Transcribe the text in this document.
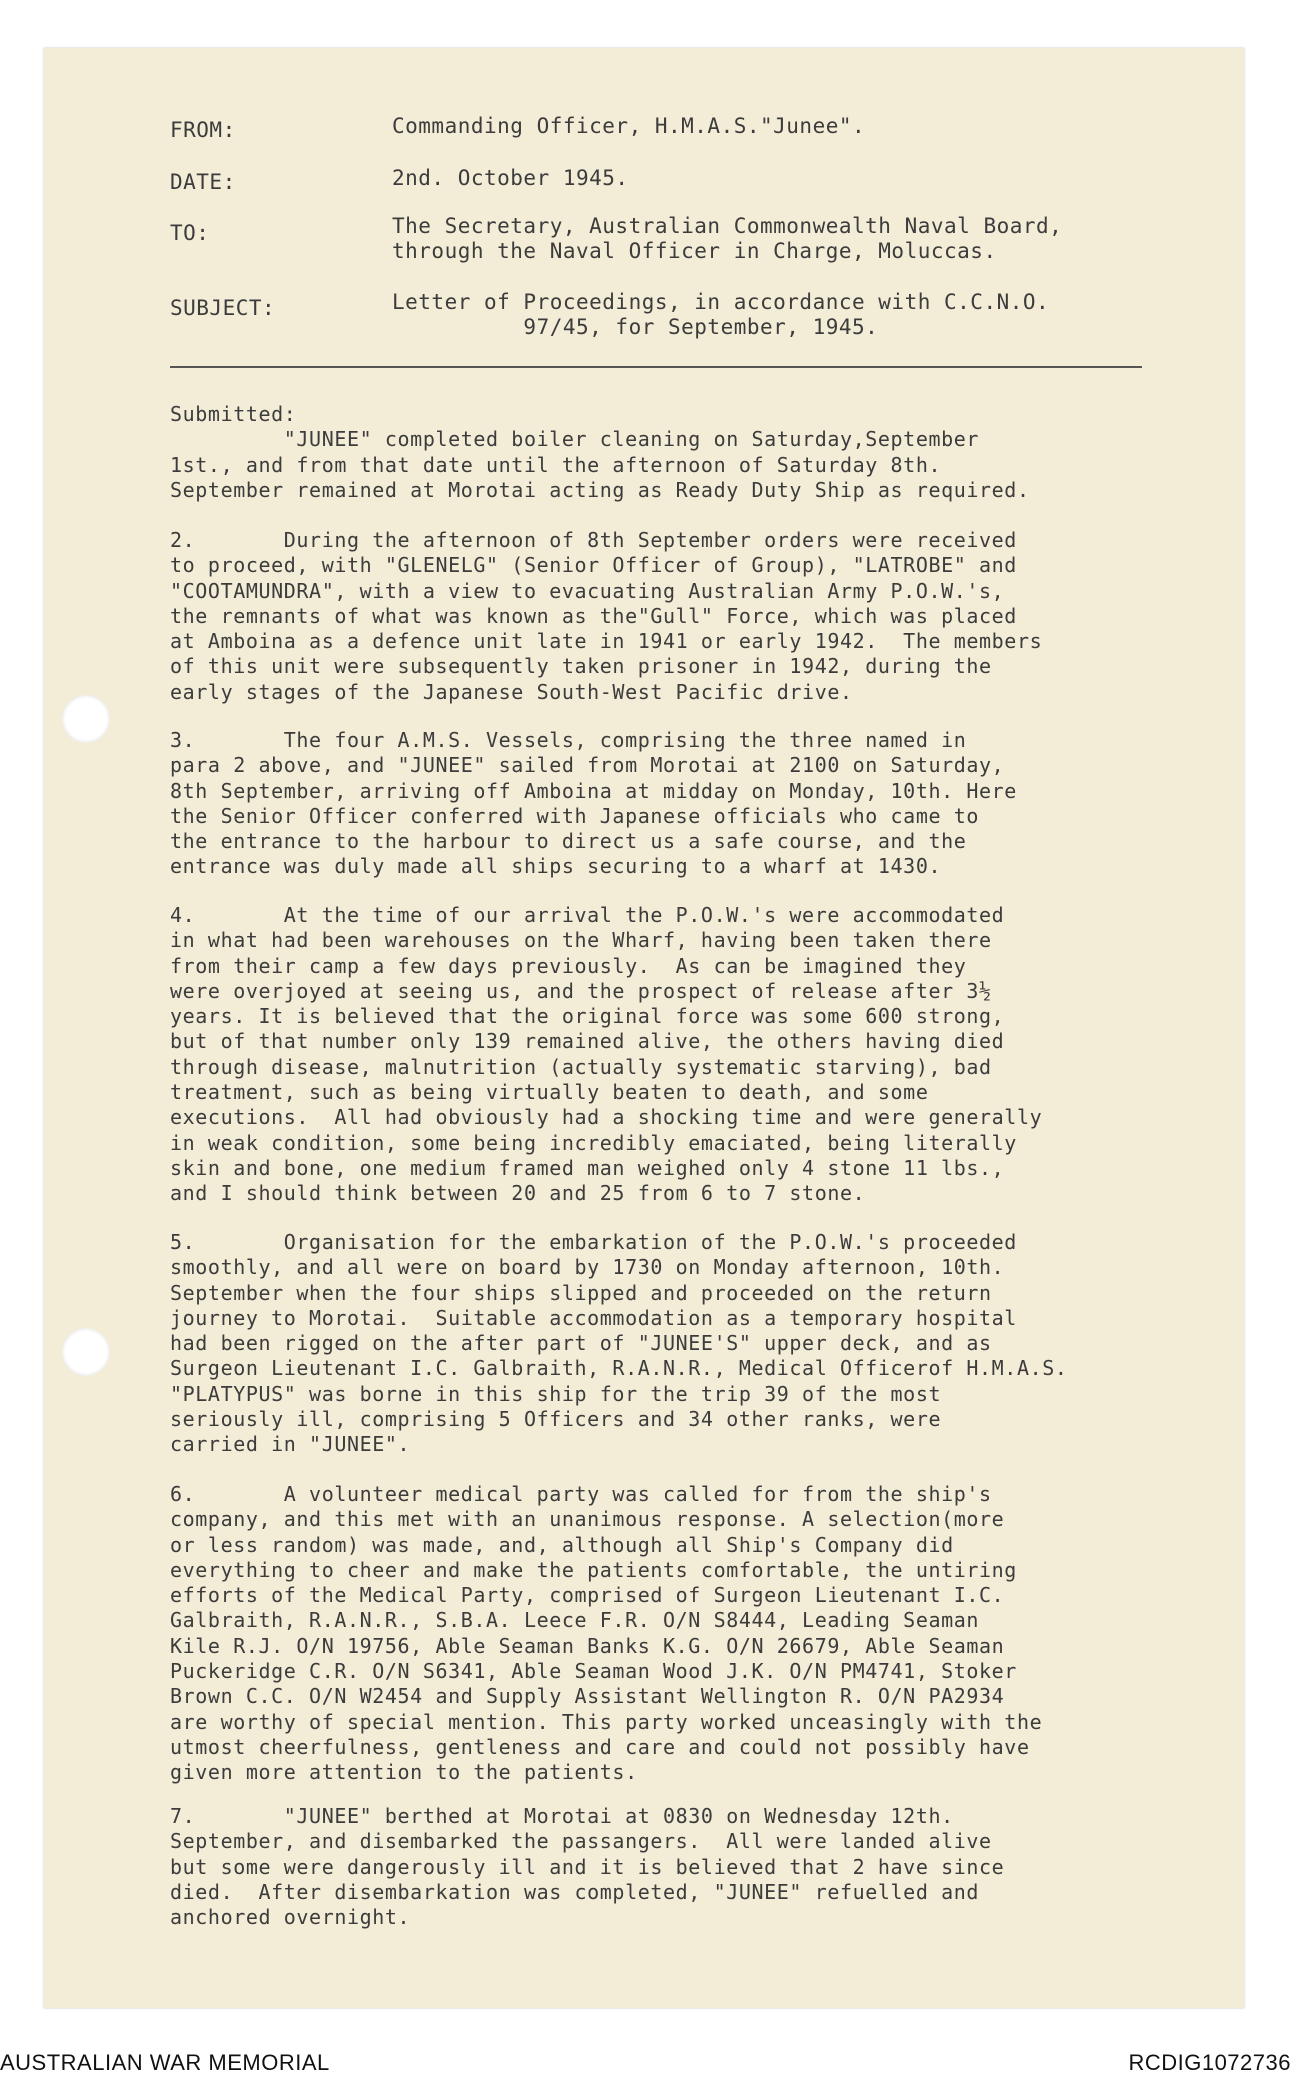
FROM:	Commanding Officer, H.M.A.S."Junee".
DATE:	2nd. October 1945.
TO:	The Secretary, Australian Commonwealth Naval Board,
through the Naval Officer in Charge, Moluccas.
SUBJECT:	Letter of Proceedings, in accordance with C.C.N.O.
97/45, for September, 1945.
Submitted:
"JUNEE" completed boiler cleaning on Saturday,September
1st., and from that date until the afternoon of Saturday 8th.
September remained at Morotai acting as Ready Duty Ship as required.
2.       During the afternoon of 8th September orders were received
to proceed, with "GLENELG" (Senior Officer of Group), "LATROBE" and
"COOTAMUNDRA", with a view to evacuating Australian Army P.O.W.'s,
the remnants of what was known as the"Gull" Force, which was placed
at Amboina as a defence unit late in 1941 or early 1942.  The members
of this unit were subsequently taken prisoner in 1942, during the
early stages of the Japanese South-West Pacific drive.
3.       The four A.M.S. Vessels, comprising the three named in
para 2 above, and "JUNEE" sailed from Morotai at 2100 on Saturday,
8th September, arriving off Amboina at midday on Monday, 10th. Here
the Senior Officer conferred with Japanese officials who came to
the entrance to the harbour to direct us a safe course, and the
entrance was duly made all ships securing to a wharf at 1430.
4.       At the time of our arrival the P.O.W.'s were accommodated
in what had been warehouses on the Wharf, having been taken there
from their camp a few days previously.  As can be imagined they
were overjoyed at seeing us, and the prospect of release after 3½
years. It is believed that the original force was some 600 strong,
but of that number only 139 remained alive, the others having died
through disease, malnutrition (actually systematic starving), bad
treatment, such as being virtually beaten to death, and some
executions.  All had obviously had a shocking time and were generally
in weak condition, some being incredibly emaciated, being literally
skin and bone, one medium framed man weighed only 4 stone 11 lbs.,
and I should think between 20 and 25 from 6 to 7 stone.
5.       Organisation for the embarkation of the P.O.W.'s proceeded
smoothly, and all were on board by 1730 on Monday afternoon, 10th.
September when the four ships slipped and proceeded on the return
journey to Morotai.  Suitable accommodation as a temporary hospital
had been rigged on the after part of "JUNEE'S" upper deck, and as
Surgeon Lieutenant I.C. Galbraith, R.A.N.R., Medical Officerof H.M.A.S.
"PLATYPUS" was borne in this ship for the trip 39 of the most
seriously ill, comprising 5 Officers and 34 other ranks, were
carried in "JUNEE".
6.       A volunteer medical party was called for from the ship's
company, and this met with an unanimous response. A selection(more
or less random) was made, and, although all Ship's Company did
everything to cheer and make the patients comfortable, the untiring
efforts of the Medical Party, comprised of Surgeon Lieutenant I.C.
Galbraith, R.A.N.R., S.B.A. Leece F.R. O/N S8444, Leading Seaman
Kile R.J. O/N 19756, Able Seaman Banks K.G. O/N 26679, Able Seaman
Puckeridge C.R. O/N S6341, Able Seaman Wood J.K. O/N PM4741, Stoker
Brown C.C. O/N W2454 and Supply Assistant Wellington R. O/N PA2934
are worthy of special mention. This party worked unceasingly with the
utmost cheerfulness, gentleness and care and could not possibly have
given more attention to the patients.
7.       "JUNEE" berthed at Morotai at 0830 on Wednesday 12th.
September, and disembarked the passangers.  All were landed alive
but some were dangerously ill and it is believed that 2 have since
died.  After disembarkation was completed, "JUNEE" refuelled and
anchored overnight.
AUSTRALIAN WAR MEMORIAL	RCDIG1072736
